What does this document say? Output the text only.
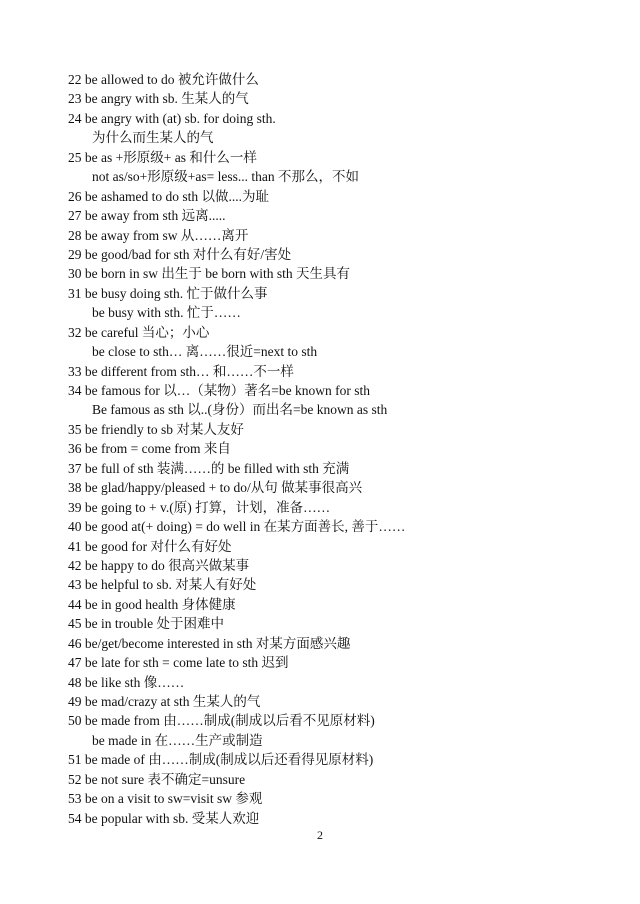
22 be allowed to do 被允许做什么
23 be angry with sb. 生某人的气
24 be angry with (at) sb. for doing sth.
为什么而生某人的气
25 be as +形原级+ as 和什么一样
not as/so+形原级+as= less... than 不那么，不如
26 be ashamed to do sth 以做....为耻
27 be away from sth 远离.....
28 be away from sw 从……离开
29 be good/bad for sth 对什么有好/害处
30 be born in sw 出生于 be born with sth 天生具有
31 be busy doing sth. 忙于做什么事
be busy with sth. 忙于……
32 be careful 当心；小心
be close to sth… 离……很近=next to sth
33 be different from sth… 和……不一样
34 be famous for 以…（某物）著名=be known for sth
Be famous as sth 以..(身份）而出名=be known as sth
35 be friendly to sb 对某人友好
36 be from = come from 来自
37 be full of sth 装满……的 be filled with sth 充满
38 be glad/happy/pleased + to do/从句 做某事很高兴
39 be going to + v.(原) 打算，计划，准备……
40 be good at(+ doing) = do well in 在某方面善长, 善于……
41 be good for 对什么有好处
42 be happy to do 很高兴做某事
43 be helpful to sb. 对某人有好处
44 be in good health 身体健康
45 be in trouble 处于困难中
46 be/get/become interested in sth 对某方面感兴趣
47 be late for sth = come late to sth 迟到
48 be like sth 像……
49 be mad/crazy at sth 生某人的气
50 be made from 由……制成(制成以后看不见原材料)
be made in 在……生产或制造
51 be made of 由……制成(制成以后还看得见原材料)
52 be not sure 表不确定=unsure
53 be on a visit to sw=visit sw 参观
54 be popular with sb. 受某人欢迎
2
